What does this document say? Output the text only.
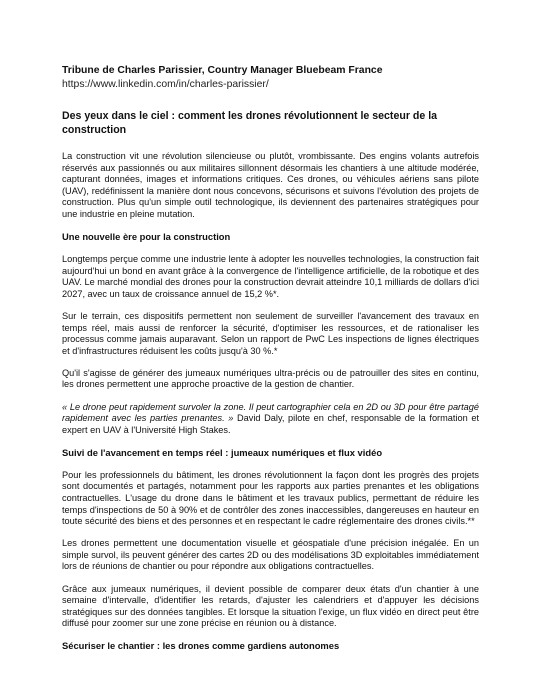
Tribune de Charles Parissier, Country Manager Bluebeam France
https://www.linkedin.com/in/charles-parissier/
Des yeux dans le ciel : comment les drones révolutionnent le secteur de la construction

La construction vit une révolution silencieuse ou plutôt, vrombissante. Des engins volants autrefois réservés aux passionnés ou aux militaires sillonnent désormais les chantiers à une altitude modérée, capturant données, images et informations critiques. Ces drones, ou véhicules aériens sans pilote (UAV), redéfinissent la manière dont nous concevons, sécurisons et suivons l'évolution des projets de construction. Plus qu'un simple outil technologique, ils deviennent des partenaires stratégiques pour une industrie en pleine mutation.

Une nouvelle ère pour la construction

Longtemps perçue comme une industrie lente à adopter les nouvelles technologies, la construction fait aujourd'hui un bond en avant grâce à la convergence de l'intelligence artificielle, de la robotique et des UAV. Le marché mondial des drones pour la construction devrait atteindre 10,1 milliards de dollars d'ici 2027, avec un taux de croissance annuel de 15,2 %*.

Sur le terrain, ces dispositifs permettent non seulement de surveiller l'avancement des travaux en temps réel, mais aussi de renforcer la sécurité, d'optimiser les ressources, et de rationaliser les processus comme jamais auparavant. Selon un rapport de PwC Les inspections de lignes électriques et d'infrastructures réduisent les coûts jusqu'à 30 %.*

Qu'il s'agisse de générer des jumeaux numériques ultra-précis ou de patrouiller des sites en continu, les drones permettent une approche proactive de la gestion de chantier.

« Le drone peut rapidement survoler la zone. Il peut cartographier cela en 2D ou 3D pour être partagé rapidement avec les parties prenantes. » David Daly, pilote en chef, responsable de la formation et expert en UAV à l'Université High Stakes.

Suivi de l'avancement en temps réel : jumeaux numériques et flux vidéo

Pour les professionnels du bâtiment, les drones révolutionnent la façon dont les progrès des projets sont documentés et partagés, notamment pour les rapports aux parties prenantes et les obligations contractuelles. L'usage du drone dans le bâtiment et les travaux publics, permettant de réduire les temps d'inspections de 50 à 90% et de contrôler des zones inaccessibles, dangereuses en hauteur en toute sécurité des biens et des personnes et en respectant le cadre réglementaire des drones civils.**

Les drones permettent une documentation visuelle et géospatiale d'une précision inégalée. En un simple survol, ils peuvent générer des cartes 2D ou des modélisations 3D exploitables immédiatement lors de réunions de chantier ou pour répondre aux obligations contractuelles.

Grâce aux jumeaux numériques, il devient possible de comparer deux états d'un chantier à une semaine d'intervalle, d'identifier les retards, d'ajuster les calendriers et d'appuyer les décisions stratégiques sur des données tangibles. Et lorsque la situation l'exige, un flux vidéo en direct peut être diffusé pour zoomer sur une zone précise en réunion ou à distance.

Sécuriser le chantier : les drones comme gardiens autonomes
